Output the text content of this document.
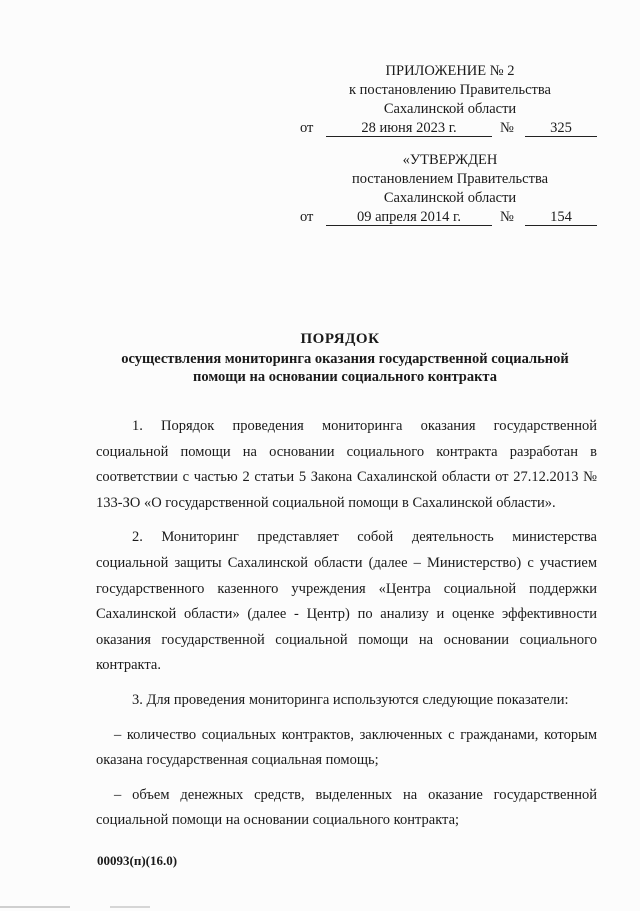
ПРИЛОЖЕНИЕ № 2
к постановлению Правительства
Сахалинской области
от	28 июня 2023 г.	№	325
«УТВЕРЖДЕН
постановлением Правительства
Сахалинской области
от	09 апреля 2014 г.	№	154
ПОРЯДОК
осуществления мониторинга оказания государственной социальной помощи на основании социального контракта

1. Порядок проведения мониторинга оказания государственной социальной помощи на основании социального контракта разработан в соответствии с частью 2 статьи 5 Закона Сахалинской области от 27.12.2013 № 133-ЗО «О государственной социальной помощи в Сахалинской области».

2. Мониторинг представляет собой деятельность министерства социальной защиты Сахалинской области (далее – Министерство) с участием государственного казенного учреждения «Центра социальной поддержки Сахалинской области» (далее - Центр) по анализу и оценке эффективности оказания государственной социальной помощи на основании социального контракта.

3. Для проведения мониторинга используются следующие показатели:

– количество социальных контрактов, заключенных с гражданами, которым оказана государственная социальная помощь;

– объем денежных средств, выделенных на оказание государственной социальной помощи на основании социального контракта;

00093(п)(16.0)
